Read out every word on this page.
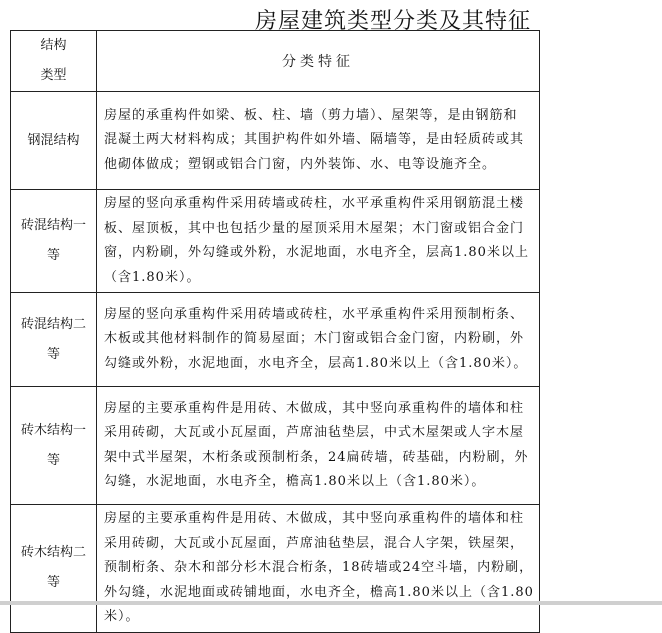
房屋建筑类型分类及其特征
结构
类型	分类特征

钢混结构	房屋的承重构件如梁、板、柱、墙（剪力墙）、屋架等，是由钢筋和
混凝土两大材料构成；其围护构件如外墙、隔墙等，是由轻质砖或其
他砌体做成；塑钢或铝合门窗，内外装饰、水、电等设施齐全。

砖混结构一
等	房屋的竖向承重构件采用砖墙或砖柱，水平承重构件采用钢筋混土楼
板、屋顶板，其中也包括少量的屋顶采用木屋架；木门窗或铝合金门
窗，内粉刷，外勾缝或外粉，水泥地面，水电齐全，层高1.80米以上
（含1.80米）。

砖混结构二
等	房屋的竖向承重构件采用砖墙或砖柱，水平承重构件采用预制桁条、
木板或其他材料制作的简易屋面；木门窗或铝合金门窗，内粉刷，外
勾缝或外粉，水泥地面，水电齐全，层高1.80米以上（含1.80米）。

砖木结构一
等	房屋的主要承重构件是用砖、木做成，其中竖向承重构件的墙体和柱
采用砖砌，大瓦或小瓦屋面，芦席油毡垫层，中式木屋架或人字木屋
架中式半屋架，木桁条或预制桁条，24扁砖墙，砖基础，内粉刷，外
勾缝，水泥地面，水电齐全，檐高1.80米以上（含1.80米）。

砖木结构二
等	房屋的主要承重构件是用砖、木做成，其中竖向承重构件的墙体和柱
采用砖砌，大瓦或小瓦屋面，芦席油毡垫层，混合人字架，铁屋架，
预制桁条、杂木和部分杉木混合桁条，18砖墙或24空斗墙，内粉刷，
外勾缝，水泥地面或砖铺地面，水电齐全，檐高1.80米以上（含1.80
米）。
